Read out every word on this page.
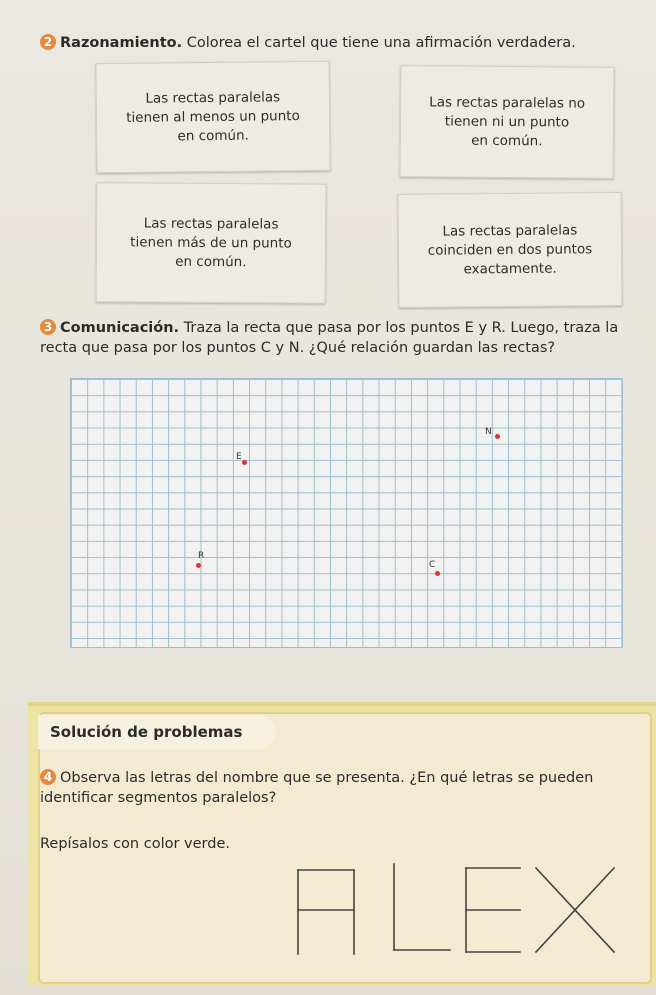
2 Razonamiento. Colorea el cartel que tiene una afirmación verdadera.
Las rectas paralelas
tienen al menos un punto
en común.
Las rectas paralelas no
tienen ni un punto
en común.
Las rectas paralelas
tienen más de un punto
en común.
Las rectas paralelas
coinciden en dos puntos
exactamente.
3 Comunicación. Traza la recta que pasa por los puntos E y R. Luego, traza la
recta que pasa por los puntos C y N. ¿Qué relación guardan las rectas?
N
E
R
C
Solución de problemas
4 Observa las letras del nombre que se presenta. ¿En qué letras se pueden
identificar segmentos paralelos?
Repísalos con color verde.
